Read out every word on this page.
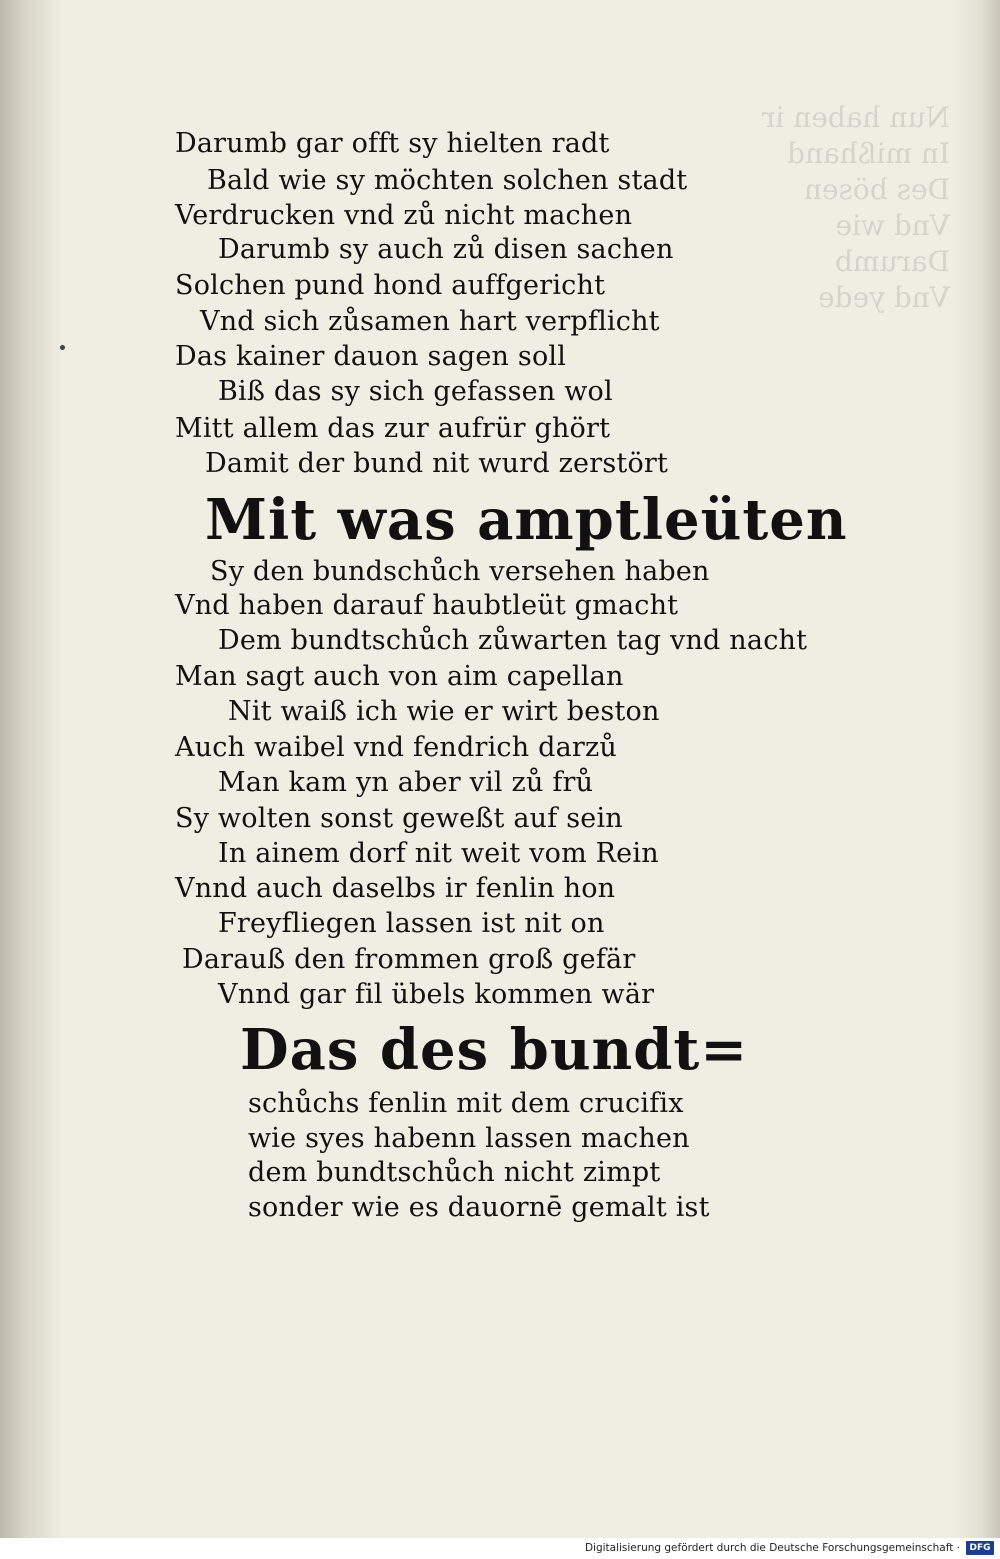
Nun haben ir
In mißhand
Des bösen
Vnd wie
Darumb
Vnd yede
Darumb gar offt sy hielten radt
Bald wie sy möchten solchen stadt
Verdrucken vnd zů nicht machen
Darumb sy auch zů disen sachen
Solchen pund hond auffgericht
Vnd sich zůsamen hart verpflicht
Das kainer dauon sagen soll
Biß das sy sich gefassen wol
Mitt allem das zur aufrür ghört
Damit der bund nit wurd zerstört
Mit was amptleüten
Sy den bundschůch versehen haben
Vnd haben darauf haubtleüt gmacht
Dem bundtschůch zůwarten tag vnd nacht
Man sagt auch von aim capellan
Nit waiß ich wie er wirt beston
Auch waibel vnd fendrich darzů
Man kam yn aber vil zů frů
Sy wolten sonst geweßt auf sein
In ainem dorf nit weit vom Rein
Vnnd auch daselbs ir fenlin hon
Freyfliegen lassen ist nit on
Darauß den frommen groß gefär
Vnnd gar fil übels kommen wär
Das des bundt=
schůchs fenlin mit dem crucifix
wie syes habenn lassen machen
dem bundtschůch nicht zimpt
sonder wie es dauornē gemalt ist
Digitalisierung gefördert durch die Deutsche Forschungsgemeinschaft ·	DFG
